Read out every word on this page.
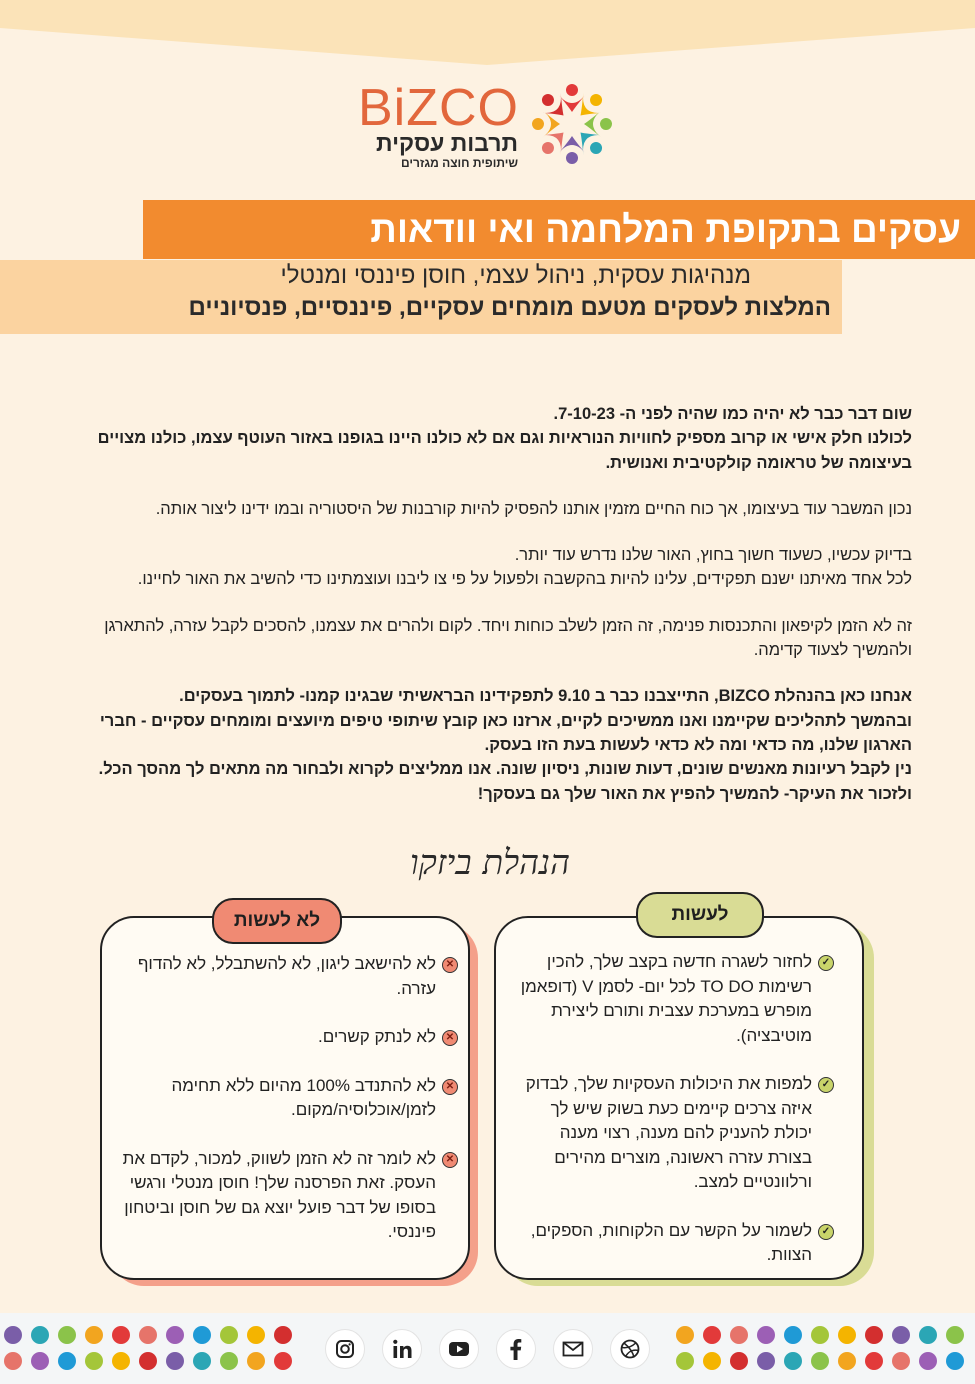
BiZCO
תרבות עסקית
שיתופית חוצה מגזרים
עסקים בתקופת המלחמה ואי וודאות
מנהיגות עסקית, ניהול עצמי, חוסן פיננסי ומנטלי
המלצות לעסקים מטעם מומחים עסקיים, פיננסיים, פנסיוניים

שום דבר כבר לא יהיה כמו שהיה לפני ה- 7-10-23.
לכולנו חלק אישי או קרוב מספיק לחוויות הנוראיות וגם אם לא כולנו היינו בגופנו באזור העוטף עצמו, כולנו מצויים בעיצומה של טראומה קולקטיבית ואנושית.

נכון המשבר עוד בעיצומו, אך כוח החיים מזמין אותנו להפסיק להיות קורבנות של היסטוריה ובמו ידינו ליצור אותה.

בדיוק עכשיו, כשעוד חשוך בחוץ, האור שלנו נדרש עוד יותר.
לכל אחד מאיתנו ישנם תפקידים, עלינו להיות בהקשבה ולפעול על פי צו ליבנו ועוצמתינו כדי להשיב את האור לחיינו.

זה לא הזמן לקיפאון והתכנסות פנימה, זה הזמן לשלב כוחות ויחד. לקום ולהרים את עצמנו, להסכים לקבל עזרה, להתארגן ולהמשיך לצעוד קדימה.

אנחנו כאן בהנהלת BIZCO, התייצבנו כבר ב 9.10 לתפקידינו הבראשיתי שבגינו קמנו- לתמוך בעסקים.
ובהמשך לתהליכים שקיימנו ואנו ממשיכים לקיים, ארזנו כאן קובץ שיתופי טיפים מיועצים ומומחים עסקיים - חברי הארגון שלנו, מה כדאי ומה לא כדאי לעשות בעת הזו בעסק.
נין לקבל רעיונות מאנשים שונים, דעות שונות, ניסיון שונה. אנו ממליצים לקרוא ולבחור מה מתאים לך מהסך הכל.
ולזכור את העיקר- להמשיך להפיץ את האור שלך גם בעסקך!

הנהלת ביזקו
לעשות
✓
לחזור לשגרה חדשה בקצב שלך, להכין רשימות TO DO לכל יום- לסמן V (דופאמן מופרש במערכת עצבית ותורם ליצירת מוטיבציה).
✓
למפות את היכולות העסקיות שלך, לבדוק איזה צרכים קיימים כעת בשוק שיש לך יכולת להעניק להם מענה, רצוי מענה בצורת עזרה ראשונה, מוצרים מהירים ורלוונטיים למצב.
✓
לשמור על הקשר עם הלקוחות, הספקים, הצוות.
לא לעשות
✕
לא להישאב ליגון, לא להשתבלל, לא להדוף עזרה.
✕
לא לנתק קשרים.
✕
לא להתנדב 100% מהיום ללא תחימה לזמן/אוכלוסיה/מקום.
✕
לא לומר זה לא הזמן לשווק, למכור, לקדם את העסק. זאת הפרסנה שלך! חוסן מנטלי ורגשי בסופו של דבר פועל יוצא גם של חוסן וביטחון פיננסי.
